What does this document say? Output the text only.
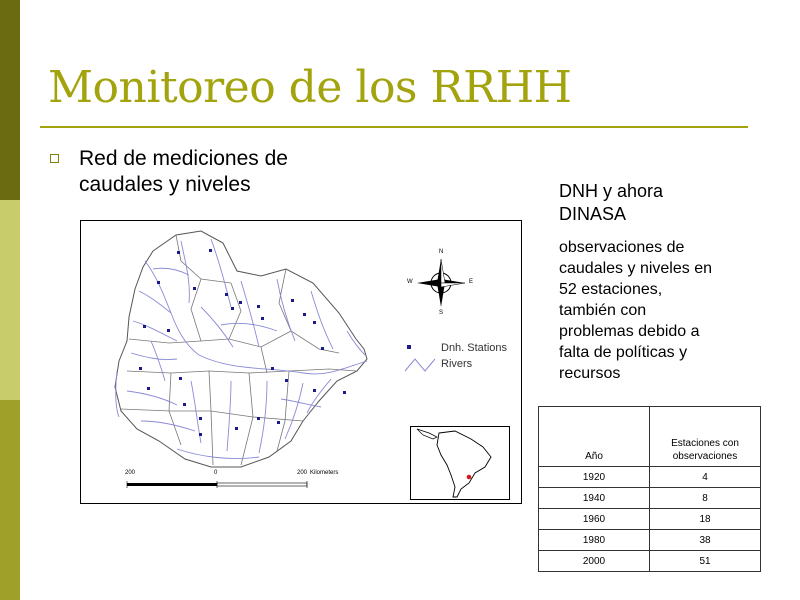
Monitoreo de los RRHH
Red de mediciones de
caudales y niveles	DNH y ahora
DINASA
observaciones de
caudales y niveles en
52 estaciones,
también con
problemas debido a
falta de políticas y
recursos
N
S
E
W
Dnh. Stations
Rivers
200	0	200 Kilometers
Año	Estaciones con
observaciones

1920	4
1940	8
1960	18
1980	38
2000	51
